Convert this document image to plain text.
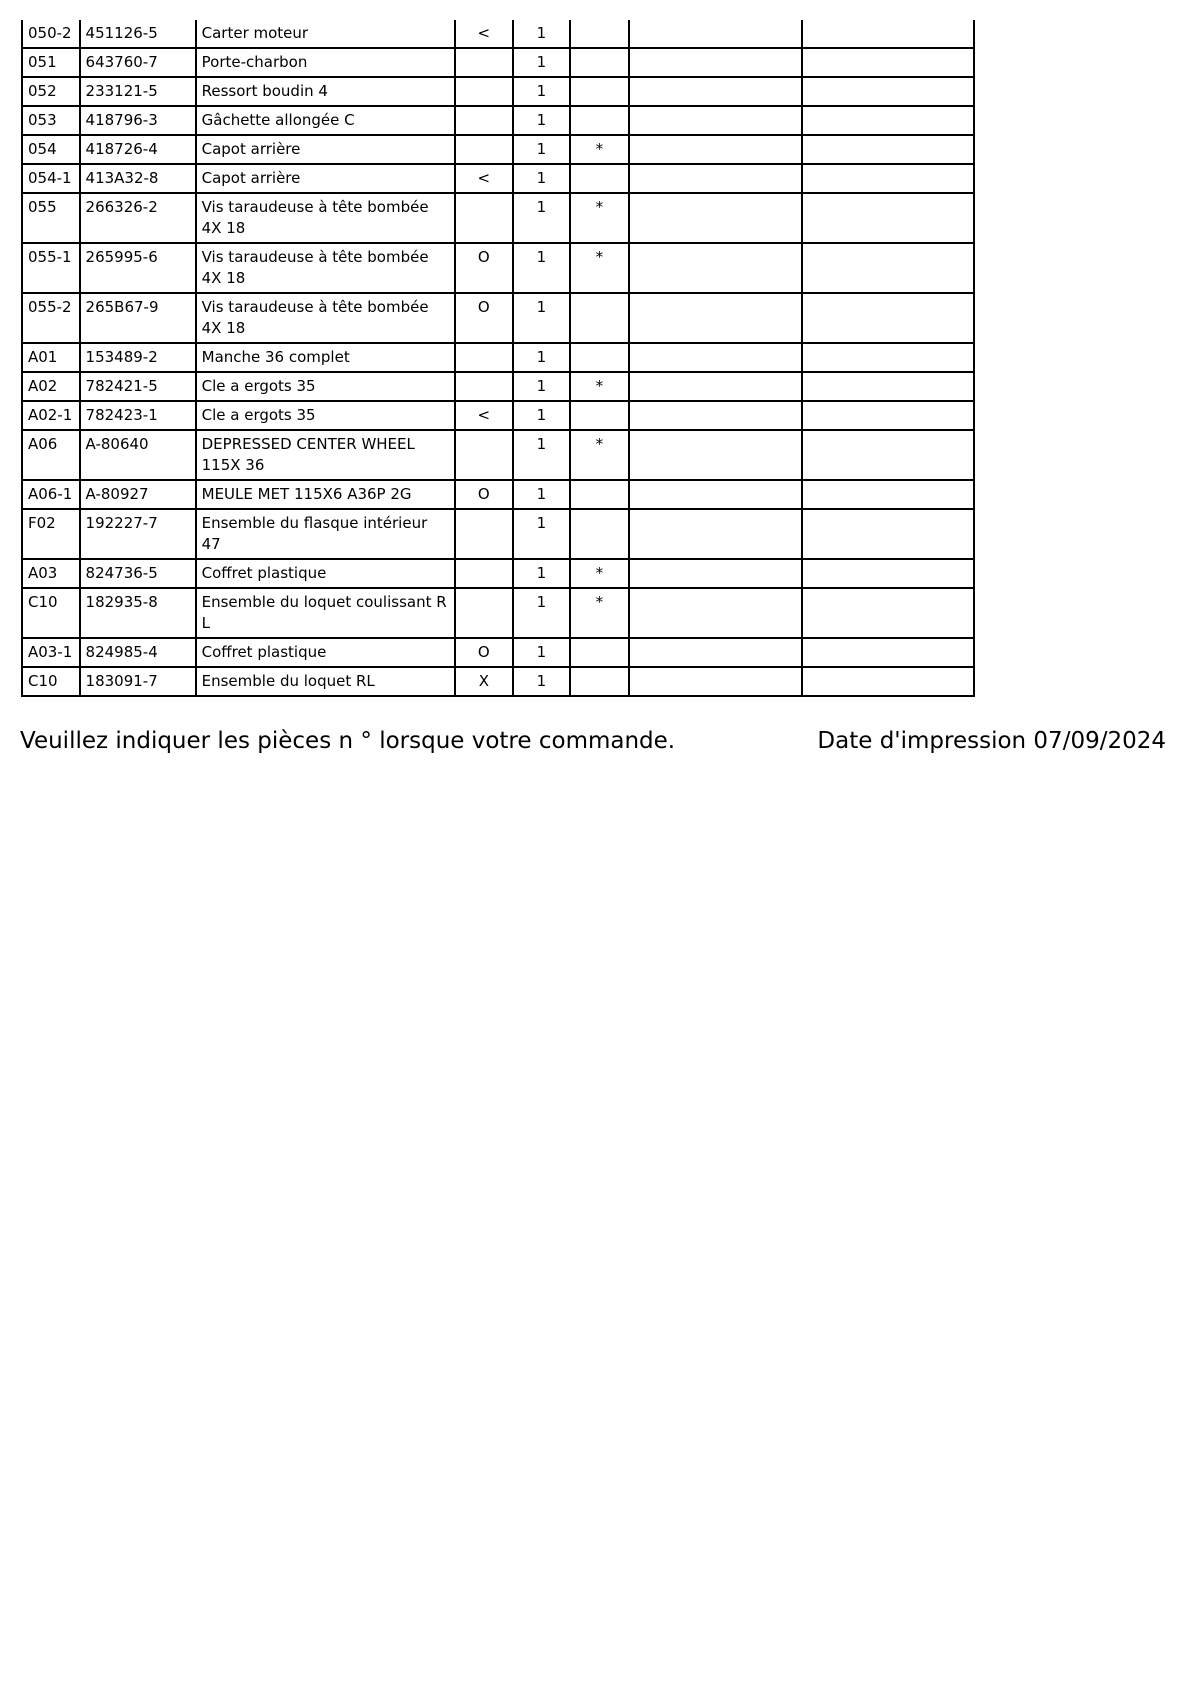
050-2	451126-5	Carter moteur	<	1			
051	643760-7	Porte-charbon		1			
052	233121-5	Ressort boudin 4		1			
053	418796-3	Gâchette allongée C		1			
054	418726-4	Capot arrière		1	*		
054-1	413A32-8	Capot arrière	<	1			
055	266326-2	Vis taraudeuse à tête bombée 4X 18		1	*		
055-1	265995-6	Vis taraudeuse à tête bombée 4X 18	O	1	*		
055-2	265B67-9	Vis taraudeuse à tête bombée 4X 18	O	1			
A01	153489-2	Manche 36 complet		1			
A02	782421-5	Cle a ergots 35		1	*		
A02-1	782423-1	Cle a ergots 35	<	1			
A06	A-80640	DEPRESSED CENTER WHEEL 115X 36		1	*		
A06-1	A-80927	MEULE MET 115X6 A36P 2G	O	1			
F02	192227-7	Ensemble du flasque intérieur 47		1			
A03	824736-5	Coffret plastique		1	*		
C10	182935-8	Ensemble du loquet coulissant R L		1	*		
A03-1	824985-4	Coffret plastique	O	1			
C10	183091-7	Ensemble du loquet RL	X	1			
Veuillez indiquer les pièces n ° lorsque votre commande.	Date d'impression 07/09/2024
